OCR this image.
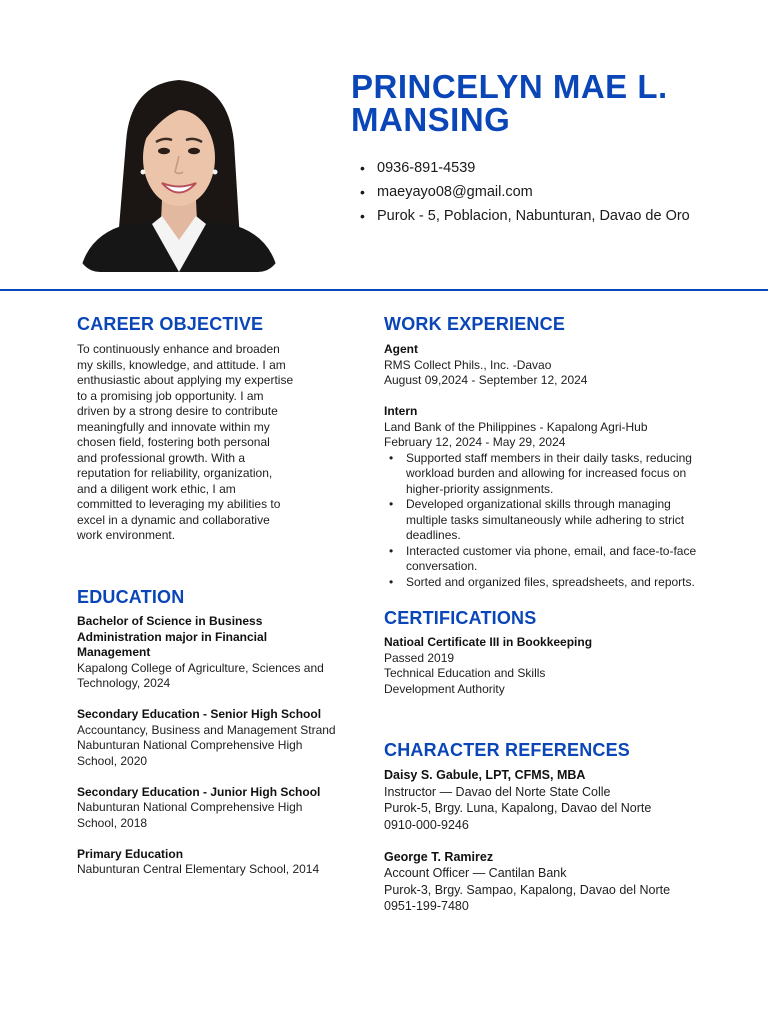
PRINCELYN MAE L.
MANSING
• 0936-891-4539
• maeyayo08@gmail.com
• Purok - 5, Poblacion, Nabunturan, Davao de Oro
CAREER OBJECTIVE
To continuously enhance and broaden
my skills, knowledge, and attitude. I am
enthusiastic about applying my expertise
to a promising job opportunity. I am
driven by a strong desire to contribute
meaningfully and innovate within my
chosen field, fostering both personal
and professional growth. With a
reputation for reliability, organization,
and a diligent work ethic, I am
committed to leveraging my abilities to
excel in a dynamic and collaborative
work environment.
EDUCATION
Bachelor of Science in Business Administration major in Financial Management
Kapalong College of Agriculture, Sciences and Technology, 2024
Secondary Education - Senior High School
Accountancy, Business and Management Strand
Nabunturan National Comprehensive High School, 2020
Secondary Education - Junior High School
Nabunturan National Comprehensive High School, 2018
Primary Education
Nabunturan Central Elementary School, 2014
WORK EXPERIENCE
Agent
RMS Collect Phils., Inc. -Davao
August 09,2024 - September 12, 2024
Intern
Land Bank of the Philippines - Kapalong Agri-Hub
February 12, 2024 - May 29, 2024
• Supported staff members in their daily tasks, reducing workload burden and allowing for increased focus on higher-priority assignments.
• Developed organizational skills through managing multiple tasks simultaneously while adhering to strict deadlines.
• Interacted customer via phone, email, and face-to-face conversation.
• Sorted and organized files, spreadsheets, and reports.
CERTIFICATIONS
Natioal Certificate III in Bookkeeping
Passed 2019
Technical Education and Skills Development Authority
CHARACTER REFERENCES
Daisy S. Gabule, LPT, CFMS, MBA
Instructor — Davao del Norte State Colle
Purok-5, Brgy. Luna, Kapalong, Davao del Norte
0910-000-9246
George T. Ramirez
Account Officer — Cantilan Bank
Purok-3, Brgy. Sampao, Kapalong, Davao del Norte
0951-199-7480
